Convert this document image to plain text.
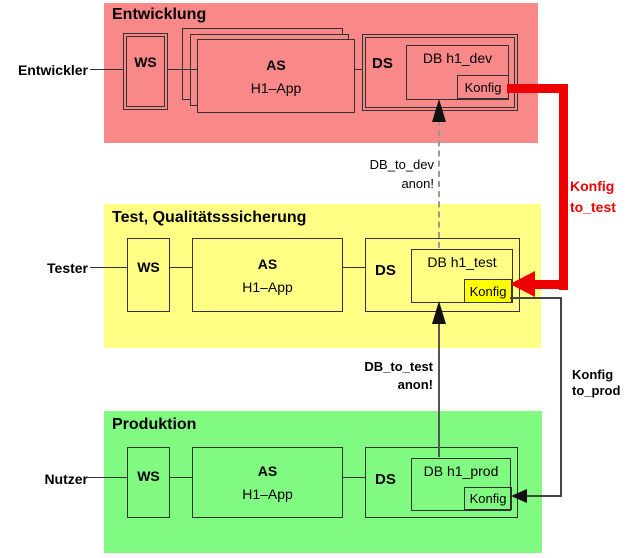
Entwicklung
WS	AS
H1–App
DS	DB h1_dev
Konfig
Test, Qualitätsssicherung
WS	AS
H1–App
DS	DB h1_test
Konfig
Produktion
WS	AS
H1–App
DS	DB h1_prod
Konfig
Entwickler
Tester
Nutzer
DB_to_dev
anon!
DB_to_test
anon!
Konfig
to_test
Konfig
to_prod
